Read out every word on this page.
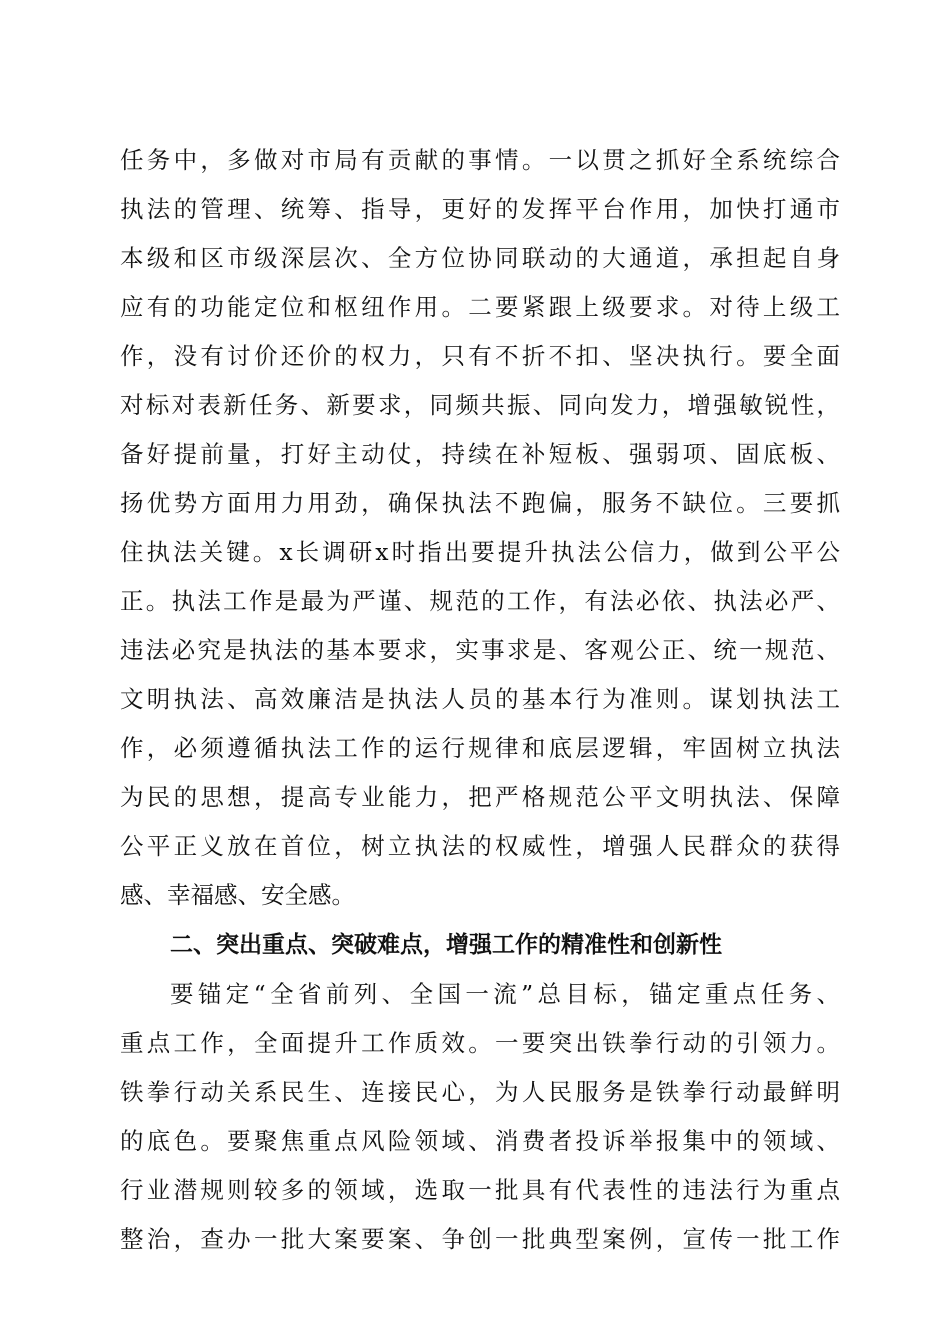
任务中，多做对市局有贡献的事情。一以贯之抓好全系统综合
执法的管理、统筹、指导，更好的发挥平台作用，加快打通市
本级和区市级深层次、全方位协同联动的大通道，承担起自身
应有的功能定位和枢纽作用。二要紧跟上级要求。对待上级工
作，没有讨价还价的权力，只有不折不扣、坚决执行。要全面
对标对表新任务、新要求，同频共振、同向发力，增强敏锐性，
备好提前量，打好主动仗，持续在补短板、强弱项、固底板、
扬优势方面用力用劲，确保执法不跑偏，服务不缺位。三要抓
住执法关键。x长调研x时指出要提升执法公信力，做到公平公
正。执法工作是最为严谨、规范的工作，有法必依、执法必严、
违法必究是执法的基本要求，实事求是、客观公正、统一规范、
文明执法、高效廉洁是执法人员的基本行为准则。谋划执法工
作，必须遵循执法工作的运行规律和底层逻辑，牢固树立执法
为民的思想，提高专业能力，把严格规范公平文明执法、保障
公平正义放在首位，树立执法的权威性，增强人民群众的获得
感、幸福感、安全感。
二、突出重点、突破难点，增强工作的精准性和创新性
要锚定“全省前列、全国一流”总目标，锚定重点任务、
重点工作，全面提升工作质效。一要突出铁拳行动的引领力。
铁拳行动关系民生、连接民心，为人民服务是铁拳行动最鲜明
的底色。要聚焦重点风险领域、消费者投诉举报集中的领域、
行业潜规则较多的领域，选取一批具有代表性的违法行为重点
整治，查办一批大案要案、争创一批典型案例，宣传一批工作
